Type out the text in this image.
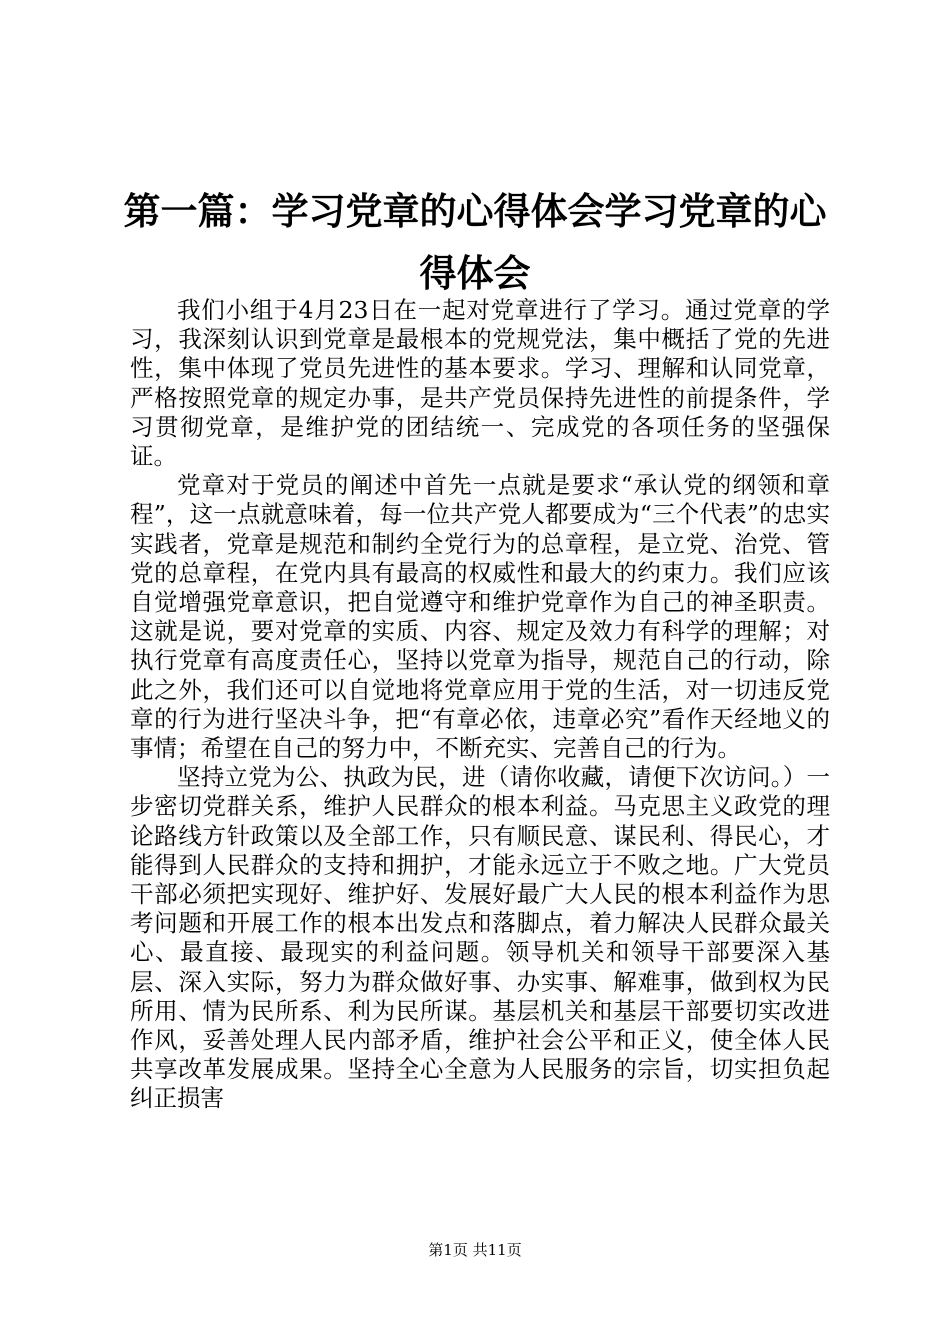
第一篇：学习党章的心得体会学习党章的心得体会

我们小组于4月23日在一起对党章进行了学习。通过党章的学习，我深刻认识到党章是最根本的党规党法，集中概括了党的先进性，集中体现了党员先进性的基本要求。学习、理解和认同党章，严格按照党章的规定办事，是共产党员保持先进性的前提条件，学习贯彻党章，是维护党的团结统一、完成党的各项任务的坚强保证。

党章对于党员的阐述中首先一点就是要求“承认党的纲领和章程”，这一点就意味着，每一位共产党人都要成为“三个代表”的忠实实践者，党章是规范和制约全党行为的总章程，是立党、治党、管党的总章程，在党内具有最高的权威性和最大的约束力。我们应该自觉增强党章意识，把自觉遵守和维护党章作为自己的神圣职责。这就是说，要对党章的实质、内容、规定及效力有科学的理解；对执行党章有高度责任心，坚持以党章为指导，规范自己的行动，除此之外，我们还可以自觉地将党章应用于党的生活，对一切违反党章的行为进行坚决斗争，把“有章必依，违章必究”看作天经地义的事情；希望在自己的努力中，不断充实、完善自己的行为。

坚持立党为公、执政为民，进（请你收藏，请便下次访问。）一步密切党群关系，维护人民群众的根本利益。马克思主义政党的理论路线方针政策以及全部工作，只有顺民意、谋民利、得民心，才能得到人民群众的支持和拥护，才能永远立于不败之地。广大党员干部必须把实现好、维护好、发展好最广大人民的根本利益作为思考问题和开展工作的根本出发点和落脚点，着力解决人民群众最关心、最直接、最现实的利益问题。领导机关和领导干部要深入基层、深入实际，努力为群众做好事、办实事、解难事，做到权为民所用、情为民所系、利为民所谋。基层机关和基层干部要切实改进作风，妥善处理人民内部矛盾，维护社会公平和正义，使全体人民共享改革发展成果。坚持全心全意为人民服务的宗旨，切实担负起纠正损害

第1页 共11页
